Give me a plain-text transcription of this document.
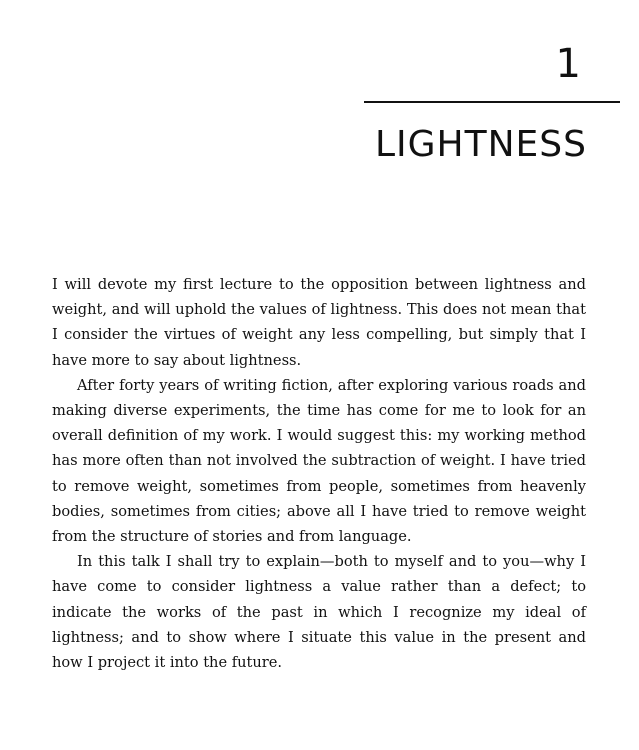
1
LIGHTNESS

I will devote my first lecture to the opposition between lightness and weight, and will uphold the values of lightness. This does not mean that I consider the virtues of weight any less compelling, but simply that I have more to say about lightness.

After forty years of writing fiction, after exploring various roads and making diverse experiments, the time has come for me to look for an overall definition of my work. I would suggest this: my working method has more often than not involved the subtraction of weight. I have tried to remove weight, sometimes from people, sometimes from heavenly bodies, sometimes from cities; above all I have tried to remove weight from the structure of stories and from language.

In this talk I shall try to explain—both to myself and to you—why I have come to consider lightness a value rather than a defect; to indicate the works of the past in which I recognize my ideal of lightness; and to show where I situate this value in the present and how I project it into the future.
